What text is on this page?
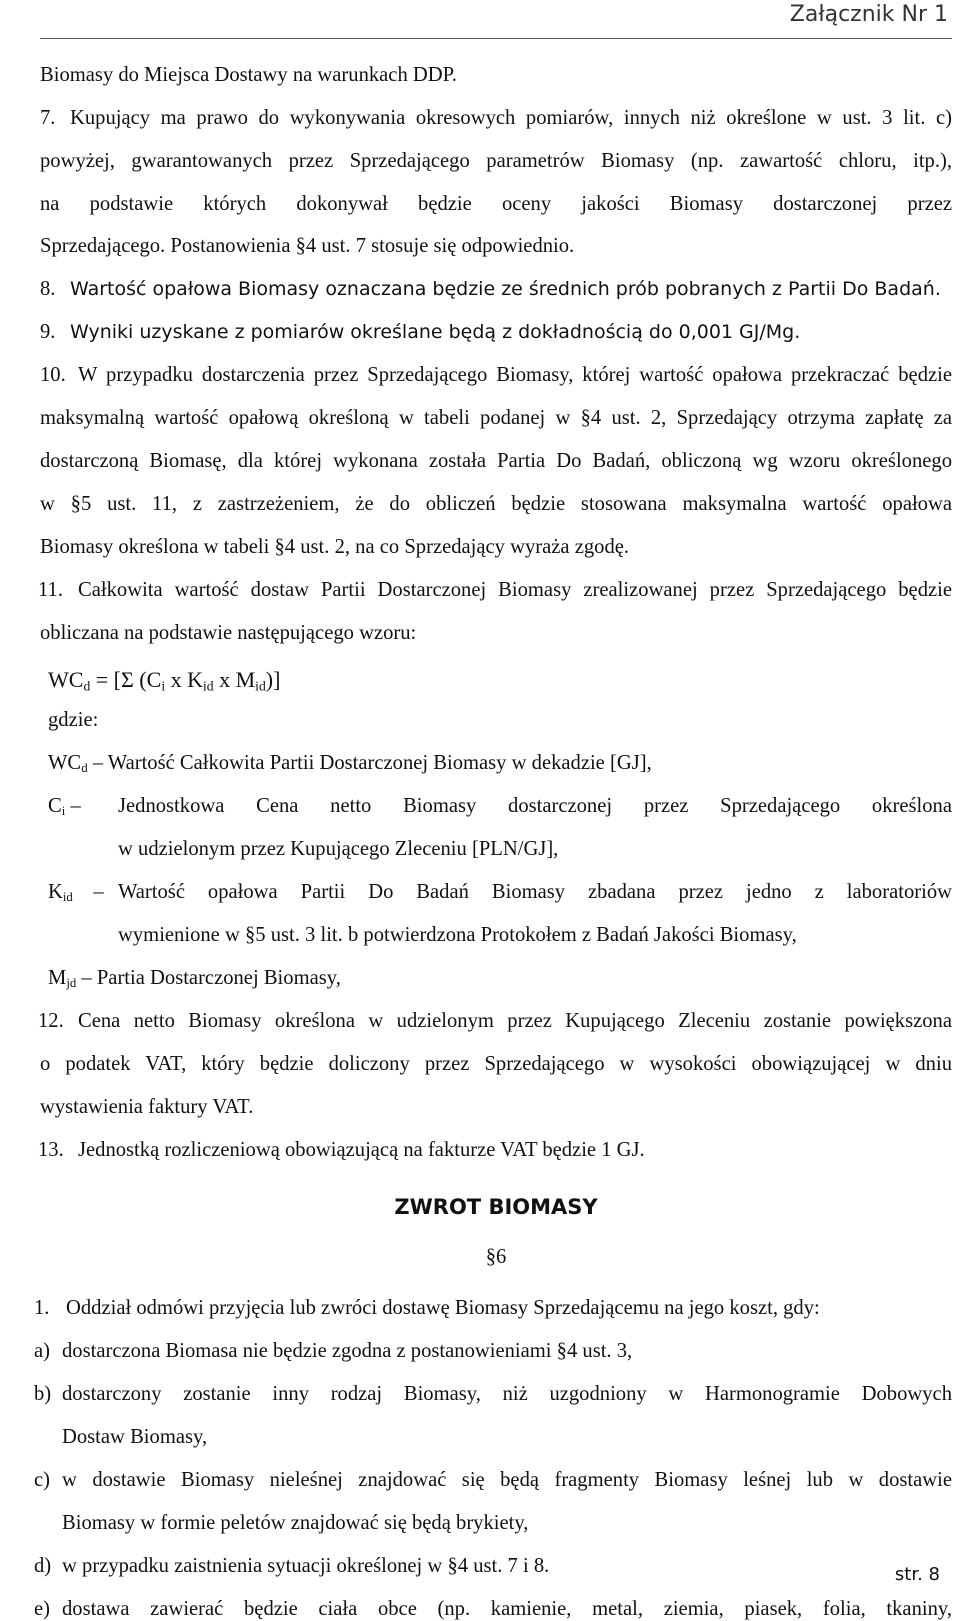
Załącznik Nr 1
Biomasy do Miejsca Dostawy na warunkach DDP.
7. Kupujący ma prawo do wykonywania okresowych pomiarów, innych niż określone w ust. 3 lit. c)
powyżej, gwarantowanych przez Sprzedającego parametrów Biomasy (np. zawartość chloru, itp.),
na podstawie których dokonywał będzie oceny jakości Biomasy dostarczonej przez
Sprzedającego. Postanowienia §4 ust. 7 stosuje się odpowiednio.
8. Wartość opałowa Biomasy oznaczana będzie ze średnich prób pobranych z Partii Do Badań.
9. Wyniki uzyskane z pomiarów określane będą z dokładnością do 0,001 GJ/Mg.
10. W przypadku dostarczenia przez Sprzedającego Biomasy, której wartość opałowa przekraczać będzie
maksymalną wartość opałową określoną w tabeli podanej w §4 ust. 2, Sprzedający otrzyma zapłatę za
dostarczoną Biomasę, dla której wykonana została Partia Do Badań, obliczoną wg wzoru określonego
w §5 ust. 11, z zastrzeżeniem, że do obliczeń będzie stosowana maksymalna wartość opałowa
Biomasy określona w tabeli §4 ust. 2, na co Sprzedający wyraża zgodę.
11. Całkowita wartość dostaw Partii Dostarczonej Biomasy zrealizowanej przez Sprzedającego będzie
obliczana na podstawie następującego wzoru:
$WC_d = [\Sigma$ ($C_i$ x $K_{id}$ x $M_{id}$)]
gdzie:
$WC_d$ – Wartość Całkowita Partii Dostarczonej Biomasy w dekadzie [GJ],
$C_i$ – Jednostkowa Cena netto Biomasy dostarczonej przez Sprzedającego określona
w udzielonym przez Kupującego Zleceniu [PLN/GJ],
$K_{id}$ – Wartość opałowa Partii Do Badań Biomasy zbadana przez jedno z laboratoriów
wymienione w §5 ust. 3 lit. b potwierdzona Protokołem z Badań Jakości Biomasy,
$M_{jd}$ – Partia Dostarczonej Biomasy,
12. Cena netto Biomasy określona w udzielonym przez Kupującego Zleceniu zostanie powiększona
o podatek VAT, który będzie doliczony przez Sprzedającego w wysokości obowiązującej w dniu
wystawienia faktury VAT.
13. Jednostką rozliczeniową obowiązującą na fakturze VAT będzie 1 GJ.
ZWROT BIOMASY
§6
1. Oddział odmówi przyjęcia lub zwróci dostawę Biomasy Sprzedającemu na jego koszt, gdy:
a) dostarczona Biomasa nie będzie zgodna z postanowieniami §4 ust. 3,
b) dostarczony zostanie inny rodzaj Biomasy, niż uzgodniony w Harmonogramie Dobowych
Dostaw Biomasy,
c) w dostawie Biomasy nieleśnej znajdować się będą fragmenty Biomasy leśnej lub w dostawie
Biomasy w formie peletów znajdować się będą brykiety,
d) w przypadku zaistnienia sytuacji określonej w §4 ust. 7 i 8.
e) dostawa zawierać będzie ciała obce (np. kamienie, metal, ziemia, piasek, folia, tkaniny,
str. 8
